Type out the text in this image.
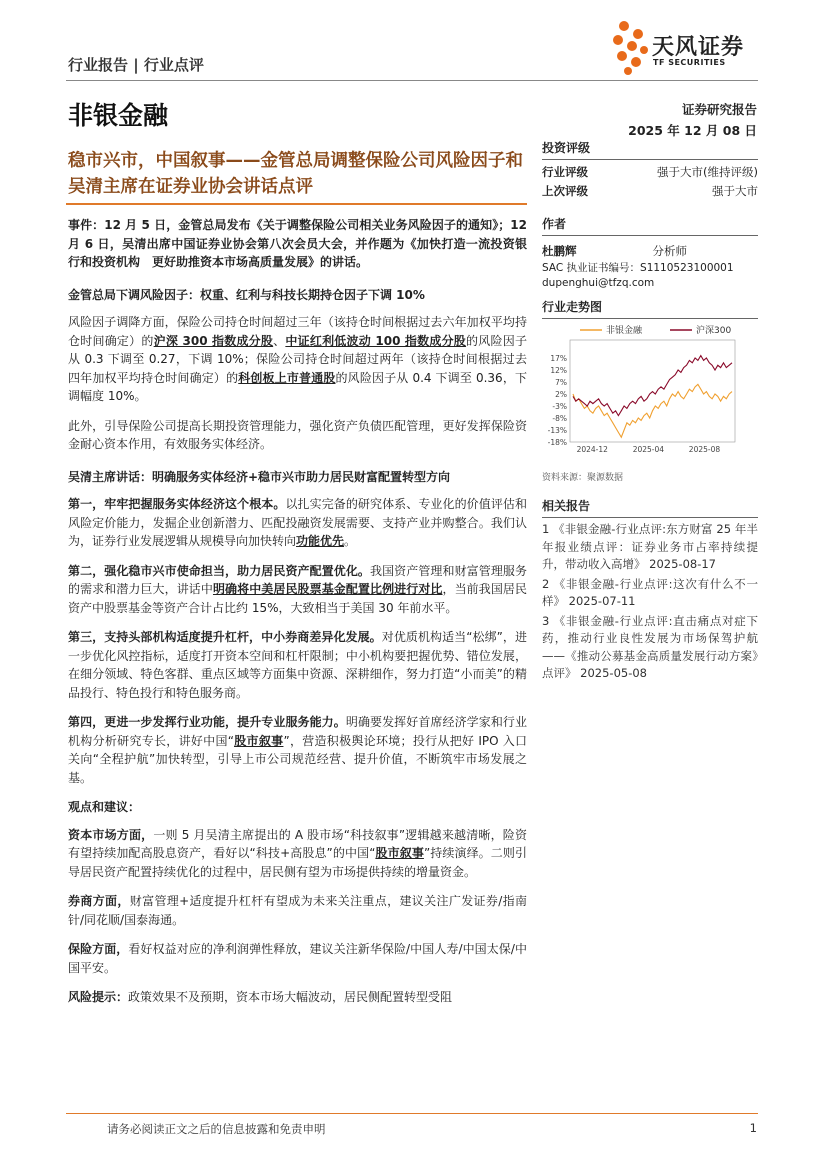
天风证券
TF SECURITIES
行业报告 | 行业点评
非银金融	证券研究报告
2025 年 12 月 08 日
稳市兴市，中国叙事——金管总局调整保险公司风险因子和吴清主席在证券业协会讲话点评

事件：12 月 5 日，金管总局发布《关于调整保险公司相关业务风险因子的通知》；12 月 6 日，吴清出席中国证券业协会第八次会员大会，并作题为《加快打造一流投资银行和投资机构　更好助推资本市场高质量发展》的讲话。

金管总局下调风险因子：权重、红利与科技长期持仓因子下调 10%

风险因子调降方面，保险公司持仓时间超过三年（该持仓时间根据过去六年加权平均持仓时间确定）的沪深 300 指数成分股、中证红利低波动 100 指数成分股的风险因子从 0.3 下调至 0.27，下调 10%；保险公司持仓时间超过两年（该持仓时间根据过去四年加权平均持仓时间确定）的科创板上市普通股的风险因子从 0.4 下调至 0.36，下调幅度 10%。

此外，引导保险公司提高长期投资管理能力，强化资产负债匹配管理，更好发挥保险资金耐心资本作用，有效服务实体经济。

吴清主席讲话：明确服务实体经济+稳市兴市助力居民财富配置转型方向

第一，牢牢把握服务实体经济这个根本。以扎实完备的研究体系、专业化的价值评估和风险定价能力，发掘企业创新潜力、匹配投融资发展需要、支持产业并购整合。我们认为，证券行业发展逻辑从规模导向加快转向功能优先。

第二，强化稳市兴市使命担当，助力居民资产配置优化。我国资产管理和财富管理服务的需求和潜力巨大，讲话中明确将中美居民股票基金配置比例进行对比，当前我国居民资产中股票基金等资产合计占比约 15%，大致相当于美国 30 年前水平。

第三，支持头部机构适度提升杠杆，中小券商差异化发展。对优质机构适当“松绑”，进一步优化风控指标，适度打开资本空间和杠杆限制；中小机构要把握优势、错位发展，在细分领域、特色客群、重点区域等方面集中资源、深耕细作，努力打造“小而美”的精品投行、特色投行和特色服务商。

第四，更进一步发挥行业功能，提升专业服务能力。明确要发挥好首席经济学家和行业机构分析研究专长，讲好中国“股市叙事”，营造积极舆论环境；投行从把好 IPO 入口关向“全程护航”加快转型，引导上市公司规范经营、提升价值，不断筑牢市场发展之基。

观点和建议：

资本市场方面，一则 5 月吴清主席提出的 A 股市场“科技叙事”逻辑越来越清晰，险资有望持续加配高股息资产，看好以“科技+高股息”的中国“股市叙事”持续演绎。二则引导居民资产配置持续优化的过程中，居民侧有望为市场提供持续的增量资金。

券商方面，财富管理+适度提升杠杆有望成为未来关注重点，建议关注广发证券/指南针/同花顺/国泰海通。

保险方面，看好权益对应的净利润弹性释放，建议关注新华保险/中国人寿/中国太保/中国平安。

风险提示：政策效果不及预期，资本市场大幅波动，居民侧配置转型受阻

投资评级
行业评级	强于大市(维持评级)
上次评级	强于大市
作者
杜鹏辉	分析师
SAC 执业证书编号：S1110523100001
dupenghui@tfzq.com
行业走势图
非银金融	沪深300
17%
12%
7%
2%
-3%
-8%
-13%
-18%
2024-12	2025-04	2025-08
资料来源：聚源数据
相关报告

1 《非银金融-行业点评:东方财富 25 年半年报业绩点评：证券业务市占率持续提升，带动收入高增》 2025-08-17

2 《非银金融-行业点评:这次有什么不一样》 2025-07-11

3 《非银金融-行业点评:直击痛点对症下药，推动行业良性发展为市场保驾护航——《推动公募基金高质量发展行动方案》点评》 2025-05-08

请务必阅读正文之后的信息披露和免责申明	1
